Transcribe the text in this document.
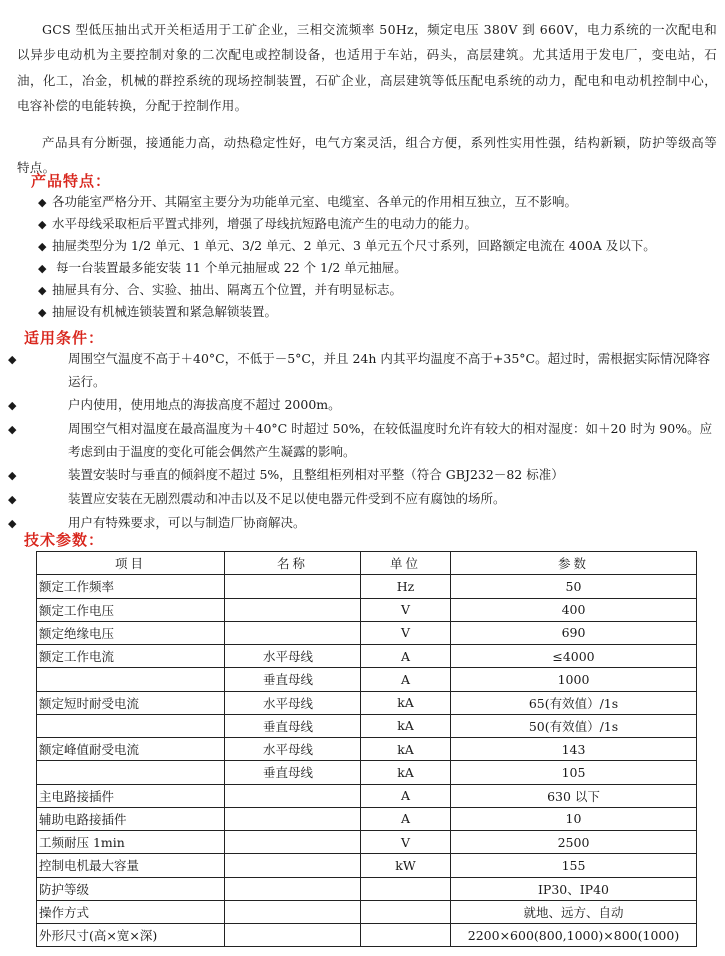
GCS 型低压抽出式开关柜适用于工矿企业，三相交流频率 50Hz，频定电压 380V 到 660V，电力系统的一次配电和以异步电动机为主要控制对象的二次配电或控制设备，也适用于车站，码头，高层建筑。尤其适用于发电厂，变电站，石油，化工，冶金，机械的群控系统的现场控制装置，石矿企业，高层建筑等低压配电系统的动力，配电和电动机控制中心，电容补偿的电能转换，分配于控制作用。

产品具有分断强，接通能力高，动热稳定性好，电气方案灵活，组合方便，系列性实用性强，结构新颖，防护等级高等特点。

产品特点：
◆ 各功能室严格分开、其隔室主要分为功能单元室、电缆室、各单元的作用相互独立，互不影响。
◆ 水平母线采取柜后平置式排列，增强了母线抗短路电流产生的电动力的能力。
◆ 抽屉类型分为 1/2 单元、1 单元、3/2 单元、2 单元、3 单元五个尺寸系列，回路额定电流在 400A 及以下。
◆ 每一台装置最多能安装 11 个单元抽屉或 22 个 1/2 单元抽屉。
◆ 抽屉具有分、合、实验、抽出、隔离五个位置，并有明显标志。
◆ 抽屉设有机械连锁装置和紧急解锁装置。
适用条件：
◆	周围空气温度不高于＋40°C，不低于－5°C，并且 24h 内其平均温度不高于+35°C。超过时，需根据实际情况降容运行。
◆	户内使用，使用地点的海拔高度不超过 2000m。
◆	周围空气相对温度在最高温度为＋40°C 时超过 50%，在较低温度时允许有较大的相对湿度：如＋20 时为 90%。应考虑到由于温度的变化可能会偶然产生凝露的影响。
◆	装置安装时与垂直的倾斜度不超过 5%，且整组柜列相对平整（符合 GBJ232－82 标准）
◆	装置应安装在无剧烈震动和冲击以及不足以使电器元件受到不应有腐蚀的场所。
◆	用户有特殊要求，可以与制造厂协商解决。
技术参数：
项目	名称	单位	参数
额定工作频率		Hz	50
额定工作电压		V	400
额定绝缘电压		V	690
额定工作电流	水平母线	A	≤4000
	垂直母线	A	1000
额定短时耐受电流	水平母线	kA	65(有效值）/1s
	垂直母线	kA	50(有效值）/1s
额定峰值耐受电流	水平母线	kA	143
	垂直母线	kA	105
主电路接插件		A	630 以下
辅助电路接插件		A	10
工频耐压 1min		V	2500
控制电机最大容量		kW	155
防护等级			IP30、IP40
操作方式			就地、远方、自动
外形尺寸(高×宽×深)			2200×600(800,1000)×800(1000)
